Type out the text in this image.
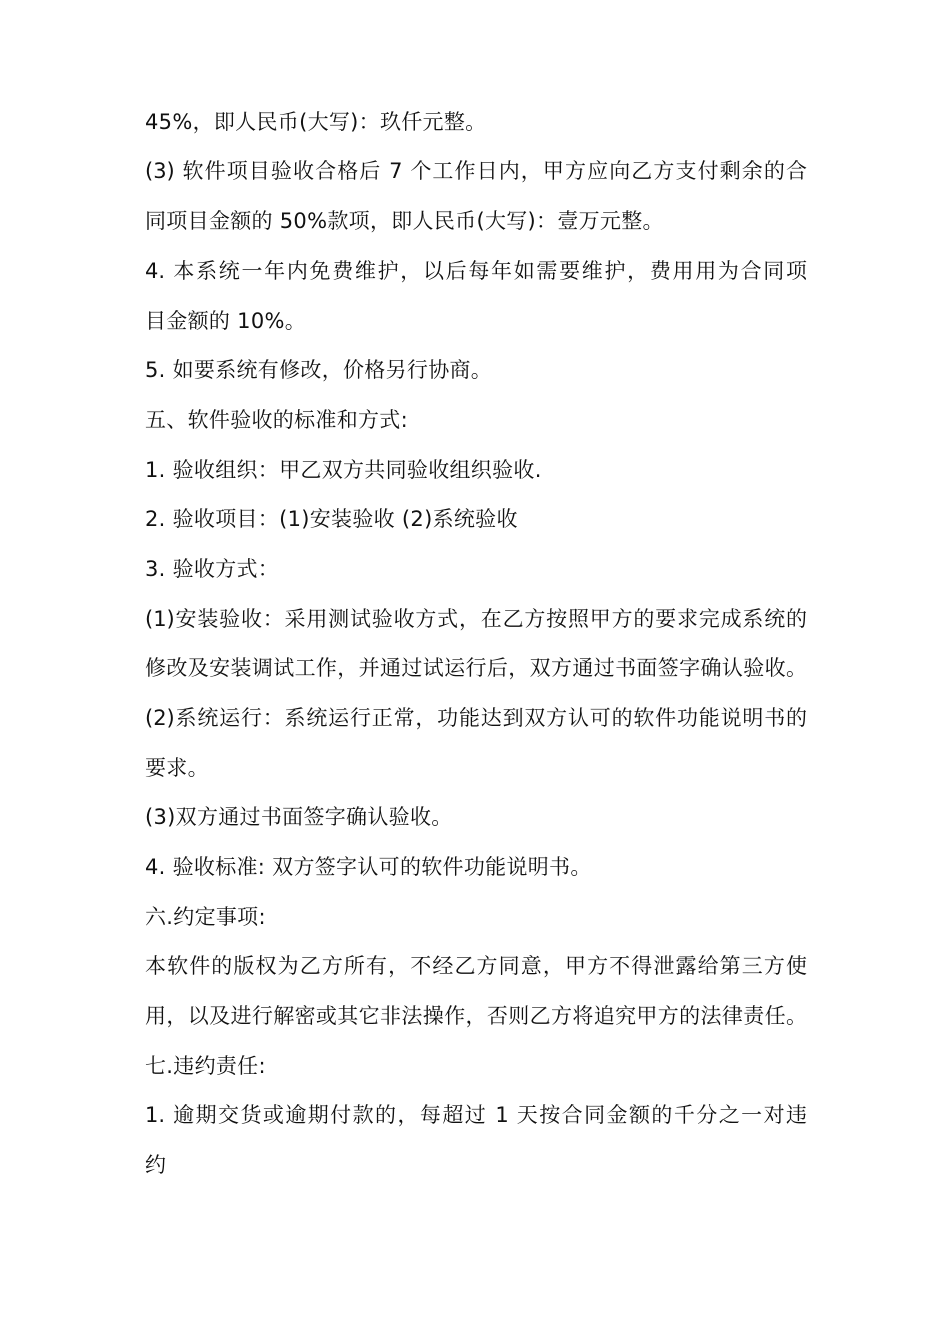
45%，即人民币(大写)：玖仟元整。
(3) 软件项目验收合格后 7 个工作日内，甲方应向乙方支付剩余的合
同项目金额的 50%款项，即人民币(大写)：壹万元整。
4. 本系统一年内免费维护，以后每年如需要维护，费用用为合同项
目金额的 10%。
5. 如要系统有修改，价格另行协商。
五、软件验收的标准和方式:
1. 验收组织：甲乙双方共同验收组织验收.
2. 验收项目：(1)安装验收 (2)系统验收
3. 验收方式：
(1)安装验收：采用测试验收方式，在乙方按照甲方的要求完成系统的
修改及安装调试工作，并通过试运行后，双方通过书面签字确认验收。
(2)系统运行：系统运行正常，功能达到双方认可的软件功能说明书的
要求。
(3)双方通过书面签字确认验收。
4. 验收标准: 双方签字认可的软件功能说明书。
六.约定事项:
本软件的版权为乙方所有，不经乙方同意，甲方不得泄露给第三方使
用，以及进行解密或其它非法操作，否则乙方将追究甲方的法律责任。
七.违约责任:
1. 逾期交货或逾期付款的，每超过 1 天按合同金额的千分之一对违
约
